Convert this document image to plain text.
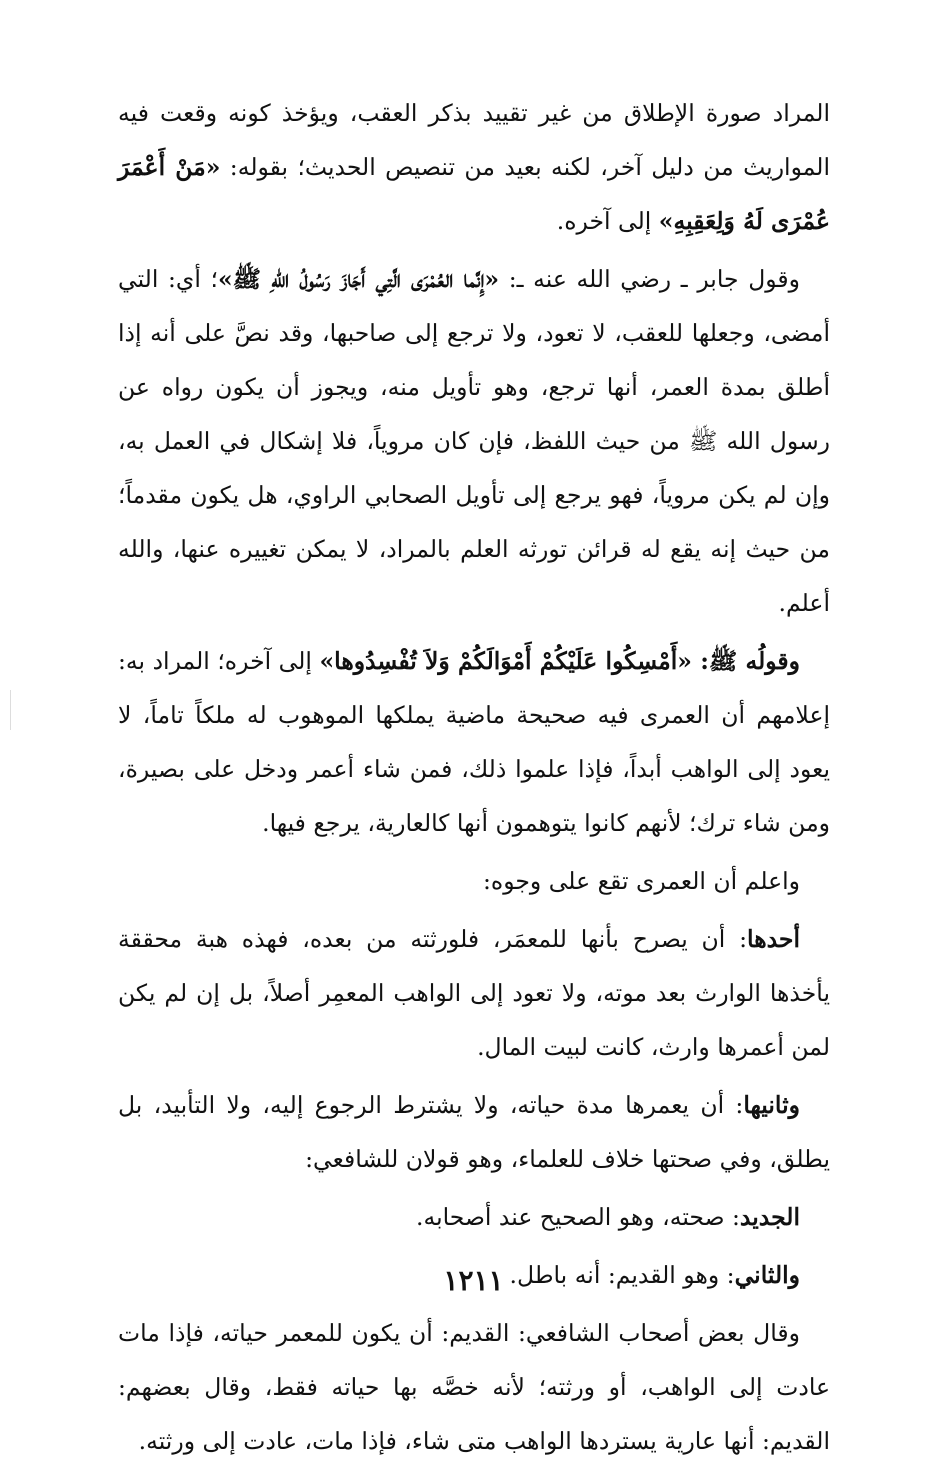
المراد صورة الإطلاق من غير تقييد بذكر العقب، ويؤخذ كونه وقعت فيه المواريث من دليل آخر، لكنه بعيد من تنصيص الحديث؛ بقوله: «مَنْ أَعْمَرَ عُمْرَى لَهُ وَلِعَقِبِهِ» إلى آخره.

وقول جابر ـ رضي الله عنه ـ: «إِنَّما العُمْرَى الَّتِي أَجَازَ رَسُولُ اللهِ ﷺ»؛ أي: التي أمضى، وجعلها للعقب، لا تعود، ولا ترجع إلى صاحبها، وقد نصَّ على أنه إذا أطلق بمدة العمر، أنها ترجع، وهو تأويل منه، ويجوز أن يكون رواه عن رسول الله ﷺ من حيث اللفظ، فإن كان مروياً، فلا إشكال في العمل به، وإن لم يكن مروياً، فهو يرجع إلى تأويل الصحابي الراوي، هل يكون مقدماً؛ من حيث إنه يقع له قرائن تورثه العلم بالمراد، لا يمكن تغييره عنها، والله أعلم.

وقولُه ﷺ: «أَمْسِكُوا عَلَيْكُمْ أَمْوَالَكُمْ وَلاَ تُفْسِدُوها» إلى آخره؛ المراد به: إعلامهم أن العمرى فيه صحيحة ماضية يملكها الموهوب له ملكاً تاماً، لا يعود إلى الواهب أبداً، فإذا علموا ذلك، فمن شاء أعمر ودخل على بصيرة، ومن شاء ترك؛ لأنهم كانوا يتوهمون أنها كالعارية، يرجع فيها.

واعلم أن العمرى تقع على وجوه:

أحدها: أن يصرح بأنها للمعمَر، فلورثته من بعده، فهذه هبة محققة يأخذها الوارث بعد موته، ولا تعود إلى الواهب المعمِر أصلاً، بل إن لم يكن لمن أعمرها وارث، كانت لبيت المال.

وثانيها: أن يعمرها مدة حياته، ولا يشترط الرجوع إليه، ولا التأبيد، بل يطلق، وفي صحتها خلاف للعلماء، وهو قولان للشافعي:

الجديد: صحته، وهو الصحيح عند أصحابه.

والثاني: وهو القديم: أنه باطل.

وقال بعض أصحاب الشافعي: القديم: أن يكون للمعمر حياته، فإذا مات عادت إلى الواهب، أو ورثته؛ لأنه خصَّه بها حياته فقط، وقال بعضهم: القديم: أنها عارية يستردها الواهب متى شاء، فإذا مات، عادت إلى ورثته.

١٢١١
